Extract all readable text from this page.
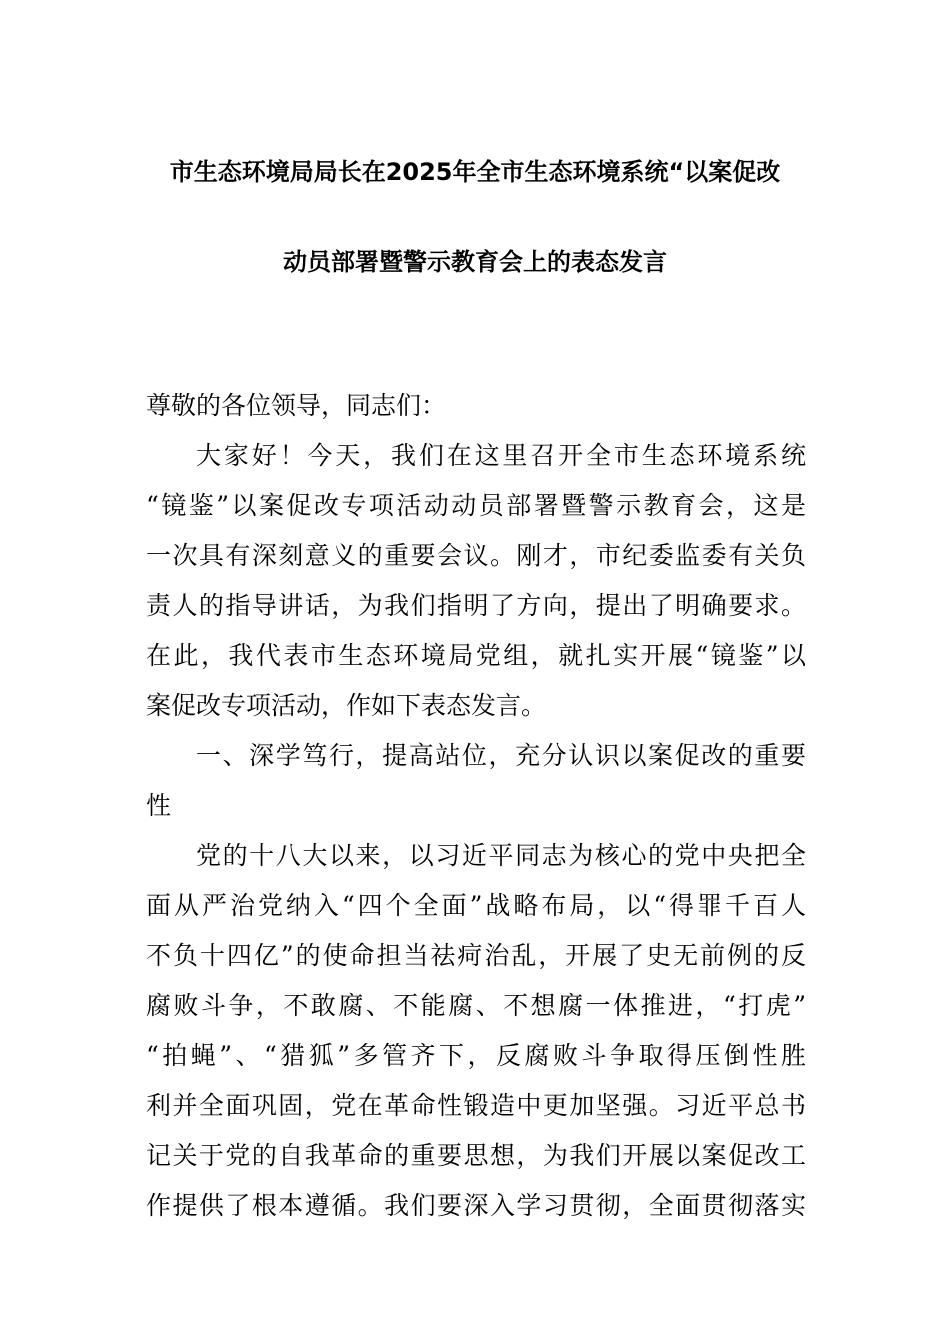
市生态环境局局长在2025年全市生态环境系统“以案促改
动员部署暨警示教育会上的表态发言
尊敬的各位领导，同志们：
大家好！今天，我们在这里召开全市生态环境系统
“镜鉴”以案促改专项活动动员部署暨警示教育会，这是
一次具有深刻意义的重要会议。刚才，市纪委监委有关负
责人的指导讲话，为我们指明了方向，提出了明确要求。
在此，我代表市生态环境局党组，就扎实开展“镜鉴”以
案促改专项活动，作如下表态发言。
一、深学笃行，提高站位，充分认识以案促改的重要
性
党的十八大以来，以习近平同志为核心的党中央把全
面从严治党纳入“四个全面”战略布局，以“得罪千百人
不负十四亿”的使命担当祛疴治乱，开展了史无前例的反
腐败斗争，不敢腐、不能腐、不想腐一体推进，“打虎”
“拍蝇”、“猎狐”多管齐下，反腐败斗争取得压倒性胜
利并全面巩固，党在革命性锻造中更加坚强。习近平总书
记关于党的自我革命的重要思想，为我们开展以案促改工
作提供了根本遵循。我们要深入学习贯彻，全面贯彻落实
